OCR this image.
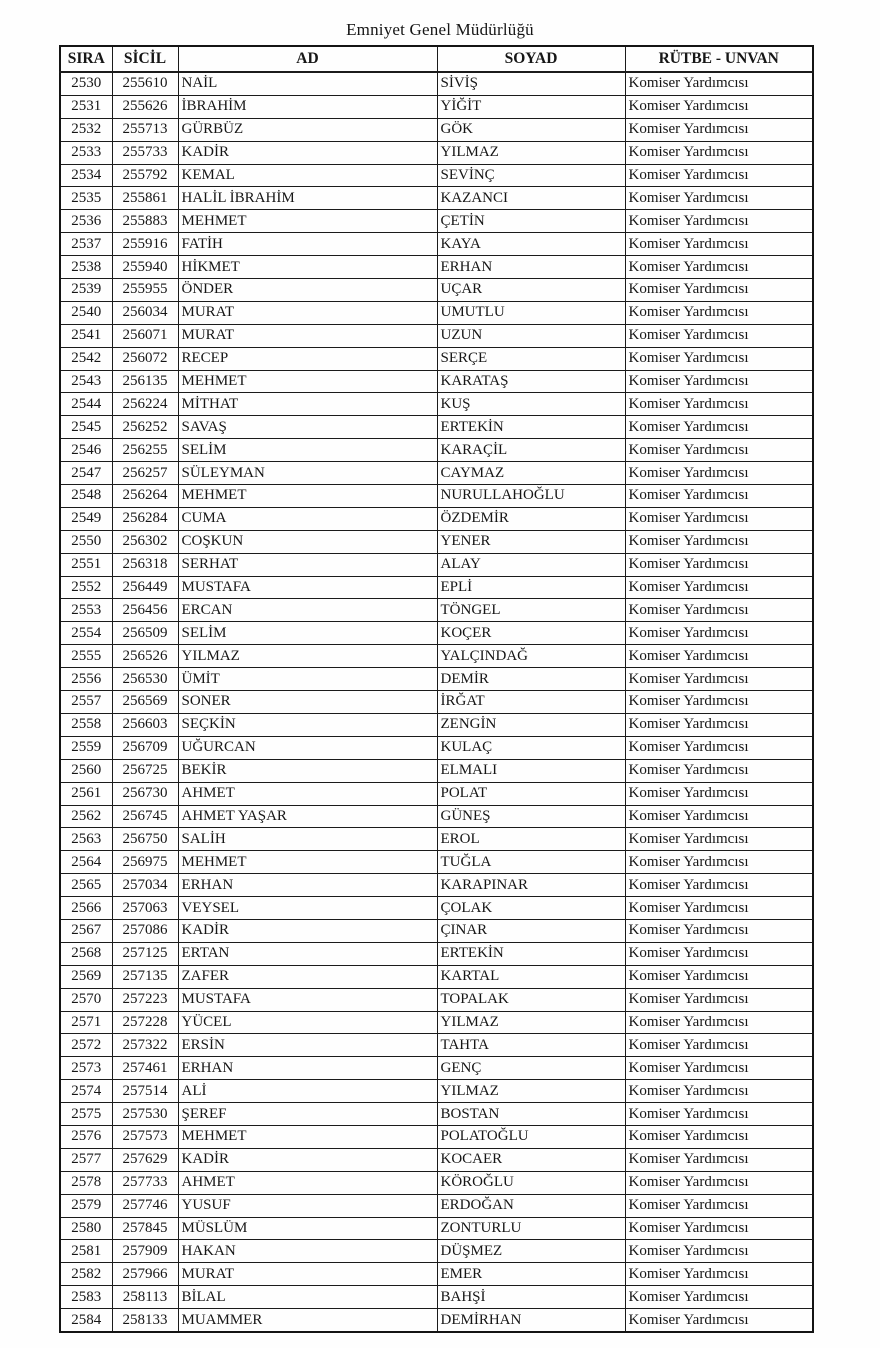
Emniyet Genel Müdürlüğü
SIRA	SİCİL	AD	SOYAD	RÜTBE - UNVAN
2530	255610	NAİL	SİVİŞ	Komiser Yardımcısı
2531	255626	İBRAHİM	YİĞİT	Komiser Yardımcısı
2532	255713	GÜRBÜZ	GÖK	Komiser Yardımcısı
2533	255733	KADİR	YILMAZ	Komiser Yardımcısı
2534	255792	KEMAL	SEVİNÇ	Komiser Yardımcısı
2535	255861	HALİL İBRAHİM	KAZANCI	Komiser Yardımcısı
2536	255883	MEHMET	ÇETİN	Komiser Yardımcısı
2537	255916	FATİH	KAYA	Komiser Yardımcısı
2538	255940	HİKMET	ERHAN	Komiser Yardımcısı
2539	255955	ÖNDER	UÇAR	Komiser Yardımcısı
2540	256034	MURAT	UMUTLU	Komiser Yardımcısı
2541	256071	MURAT	UZUN	Komiser Yardımcısı
2542	256072	RECEP	SERÇE	Komiser Yardımcısı
2543	256135	MEHMET	KARATAŞ	Komiser Yardımcısı
2544	256224	MİTHAT	KUŞ	Komiser Yardımcısı
2545	256252	SAVAŞ	ERTEKİN	Komiser Yardımcısı
2546	256255	SELİM	KARAÇİL	Komiser Yardımcısı
2547	256257	SÜLEYMAN	CAYMAZ	Komiser Yardımcısı
2548	256264	MEHMET	NURULLAHOĞLU	Komiser Yardımcısı
2549	256284	CUMA	ÖZDEMİR	Komiser Yardımcısı
2550	256302	COŞKUN	YENER	Komiser Yardımcısı
2551	256318	SERHAT	ALAY	Komiser Yardımcısı
2552	256449	MUSTAFA	EPLİ	Komiser Yardımcısı
2553	256456	ERCAN	TÖNGEL	Komiser Yardımcısı
2554	256509	SELİM	KOÇER	Komiser Yardımcısı
2555	256526	YILMAZ	YALÇINDAĞ	Komiser Yardımcısı
2556	256530	ÜMİT	DEMİR	Komiser Yardımcısı
2557	256569	SONER	İRĞAT	Komiser Yardımcısı
2558	256603	SEÇKİN	ZENGİN	Komiser Yardımcısı
2559	256709	UĞURCAN	KULAÇ	Komiser Yardımcısı
2560	256725	BEKİR	ELMALI	Komiser Yardımcısı
2561	256730	AHMET	POLAT	Komiser Yardımcısı
2562	256745	AHMET YAŞAR	GÜNEŞ	Komiser Yardımcısı
2563	256750	SALİH	EROL	Komiser Yardımcısı
2564	256975	MEHMET	TUĞLA	Komiser Yardımcısı
2565	257034	ERHAN	KARAPINAR	Komiser Yardımcısı
2566	257063	VEYSEL	ÇOLAK	Komiser Yardımcısı
2567	257086	KADİR	ÇINAR	Komiser Yardımcısı
2568	257125	ERTAN	ERTEKİN	Komiser Yardımcısı
2569	257135	ZAFER	KARTAL	Komiser Yardımcısı
2570	257223	MUSTAFA	TOPALAK	Komiser Yardımcısı
2571	257228	YÜCEL	YILMAZ	Komiser Yardımcısı
2572	257322	ERSİN	TAHTA	Komiser Yardımcısı
2573	257461	ERHAN	GENÇ	Komiser Yardımcısı
2574	257514	ALİ	YILMAZ	Komiser Yardımcısı
2575	257530	ŞEREF	BOSTAN	Komiser Yardımcısı
2576	257573	MEHMET	POLATOĞLU	Komiser Yardımcısı
2577	257629	KADİR	KOCAER	Komiser Yardımcısı
2578	257733	AHMET	KÖROĞLU	Komiser Yardımcısı
2579	257746	YUSUF	ERDOĞAN	Komiser Yardımcısı
2580	257845	MÜSLÜM	ZONTURLU	Komiser Yardımcısı
2581	257909	HAKAN	DÜŞMEZ	Komiser Yardımcısı
2582	257966	MURAT	EMER	Komiser Yardımcısı
2583	258113	BİLAL	BAHŞİ	Komiser Yardımcısı
2584	258133	MUAMMER	DEMİRHAN	Komiser Yardımcısı
